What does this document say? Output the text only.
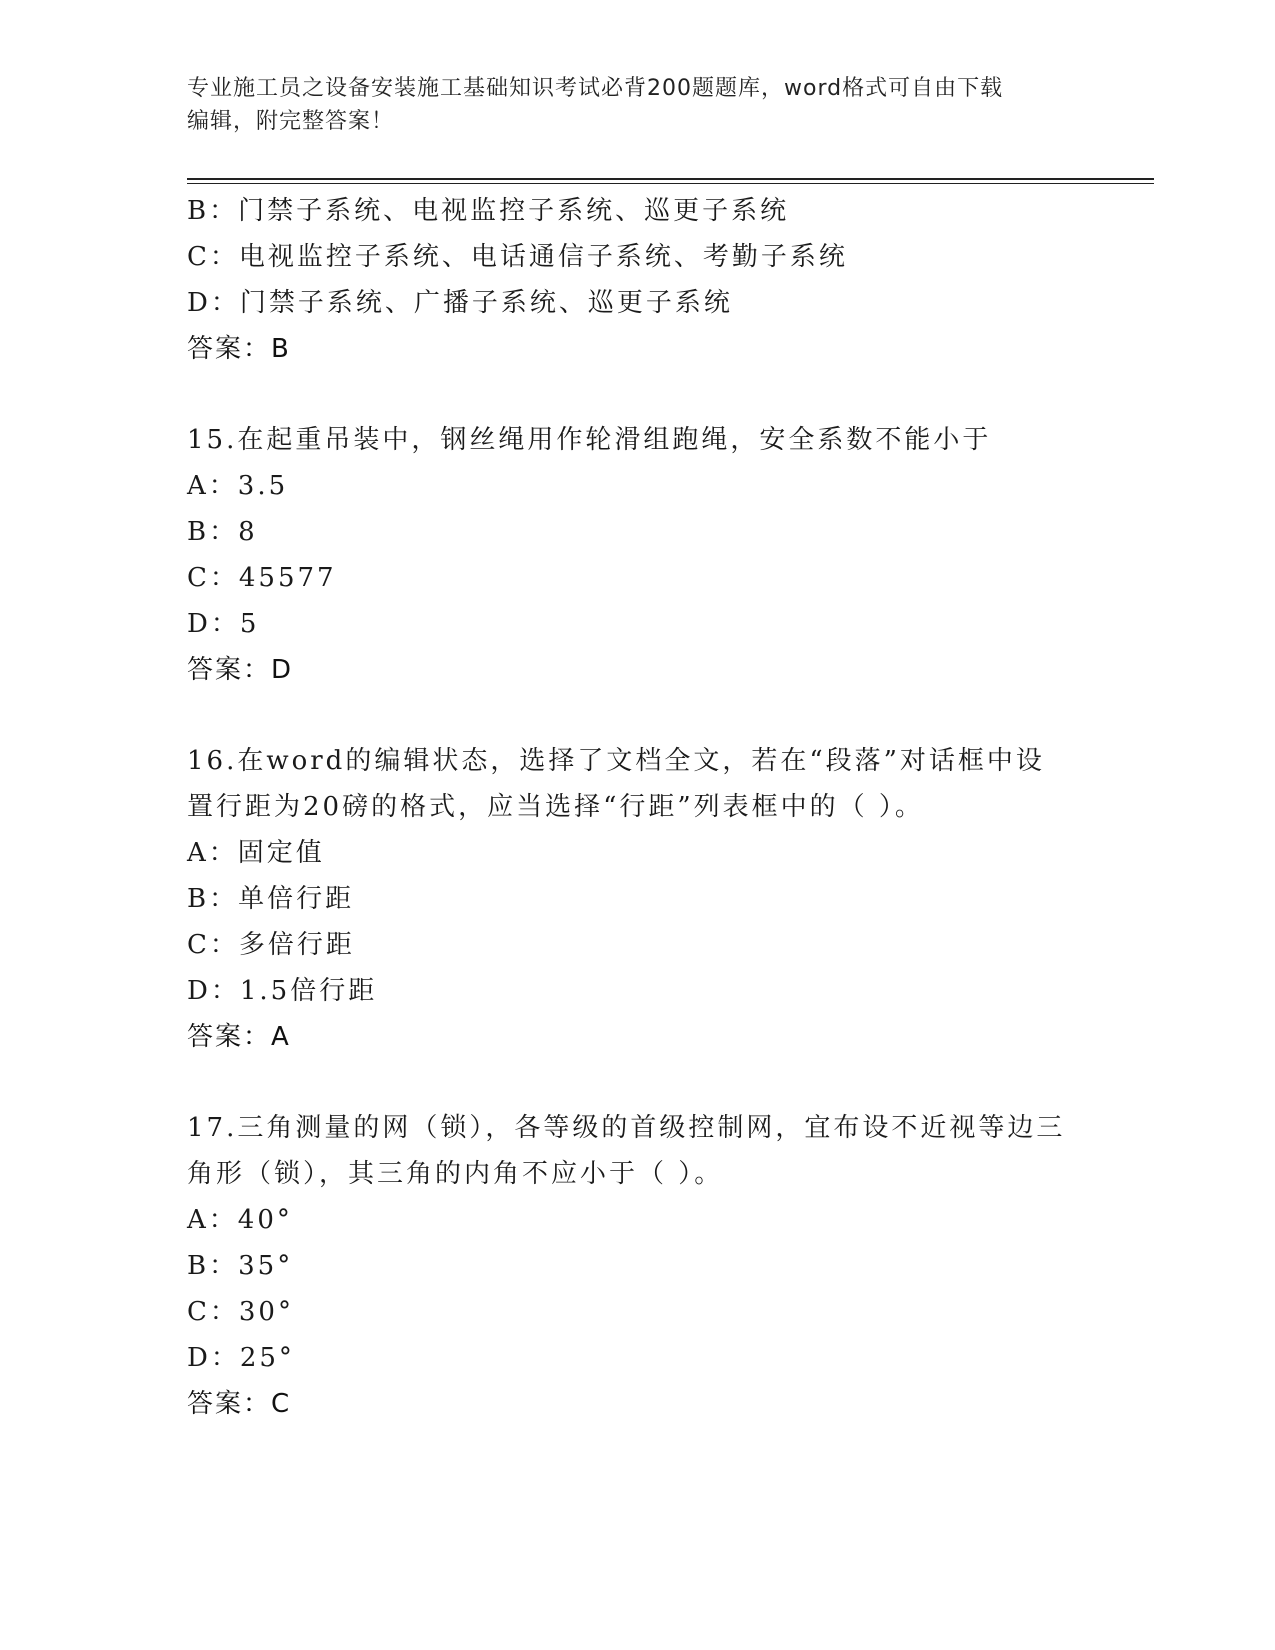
专业施工员之设备安装施工基础知识考试必背200题题库，word格式可自由下载
编辑，附完整答案！
B：门禁子系统、电视监控子系统、巡更子系统
C：电视监控子系统、电话通信子系统、考勤子系统
D：门禁子系统、广播子系统、巡更子系统
答案：B
15.在起重吊装中，钢丝绳用作轮滑组跑绳，安全系数不能小于
A：3.5
B：8
C：45577
D：5
答案：D
16.在word的编辑状态，选择了文档全文，若在“段落”对话框中设
置行距为20磅的格式，应当选择“行距”列表框中的（ ）。
A：固定值
B：单倍行距
C：多倍行距
D：1.5倍行距
答案：A
17.三角测量的网（锁），各等级的首级控制网，宜布设不近视等边三
角形（锁），其三角的内角不应小于（ ）。
A：40°
B：35°
C：30°
D：25°
答案：C
